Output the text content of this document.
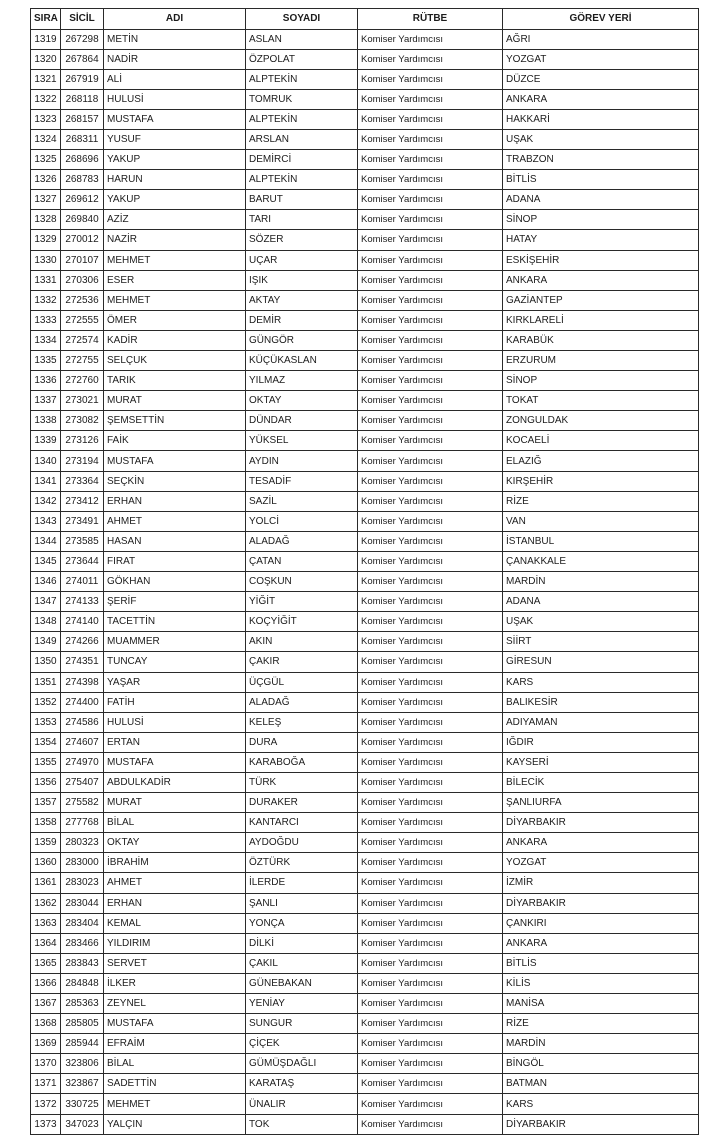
SIRA	SİCİL	ADI	SOYADI	RÜTBE	GÖREV YERİ
1319	267298	METİN	ASLAN	Komiser Yardımcısı	AĞRI
1320	267864	NADİR	ÖZPOLAT	Komiser Yardımcısı	YOZGAT
1321	267919	ALİ	ALPTEKİN	Komiser Yardımcısı	DÜZCE
1322	268118	HULUSİ	TOMRUK	Komiser Yardımcısı	ANKARA
1323	268157	MUSTAFA	ALPTEKİN	Komiser Yardımcısı	HAKKARİ
1324	268311	YUSUF	ARSLAN	Komiser Yardımcısı	UŞAK
1325	268696	YAKUP	DEMİRCİ	Komiser Yardımcısı	TRABZON
1326	268783	HARUN	ALPTEKİN	Komiser Yardımcısı	BİTLİS
1327	269612	YAKUP	BARUT	Komiser Yardımcısı	ADANA
1328	269840	AZİZ	TARI	Komiser Yardımcısı	SİNOP
1329	270012	NAZİR	SÖZER	Komiser Yardımcısı	HATAY
1330	270107	MEHMET	UÇAR	Komiser Yardımcısı	ESKİŞEHİR
1331	270306	ESER	IŞIK	Komiser Yardımcısı	ANKARA
1332	272536	MEHMET	AKTAY	Komiser Yardımcısı	GAZİANTEP
1333	272555	ÖMER	DEMİR	Komiser Yardımcısı	KIRKLARELİ
1334	272574	KADİR	GÜNGÖR	Komiser Yardımcısı	KARABÜK
1335	272755	SELÇUK	KÜÇÜKASLAN	Komiser Yardımcısı	ERZURUM
1336	272760	TARIK	YILMAZ	Komiser Yardımcısı	SİNOP
1337	273021	MURAT	OKTAY	Komiser Yardımcısı	TOKAT
1338	273082	ŞEMSETTİN	DÜNDAR	Komiser Yardımcısı	ZONGULDAK
1339	273126	FAİK	YÜKSEL	Komiser Yardımcısı	KOCAELİ
1340	273194	MUSTAFA	AYDIN	Komiser Yardımcısı	ELAZIĞ
1341	273364	SEÇKİN	TESADİF	Komiser Yardımcısı	KIRŞEHİR
1342	273412	ERHAN	SAZİL	Komiser Yardımcısı	RİZE
1343	273491	AHMET	YOLCİ	Komiser Yardımcısı	VAN
1344	273585	HASAN	ALADAĞ	Komiser Yardımcısı	İSTANBUL
1345	273644	FIRAT	ÇATAN	Komiser Yardımcısı	ÇANAKKALE
1346	274011	GÖKHAN	COŞKUN	Komiser Yardımcısı	MARDİN
1347	274133	ŞERİF	YİĞİT	Komiser Yardımcısı	ADANA
1348	274140	TACETTİN	KOÇYİĞİT	Komiser Yardımcısı	UŞAK
1349	274266	MUAMMER	AKIN	Komiser Yardımcısı	SİİRT
1350	274351	TUNCAY	ÇAKIR	Komiser Yardımcısı	GİRESUN
1351	274398	YAŞAR	ÜÇGÜL	Komiser Yardımcısı	KARS
1352	274400	FATİH	ALADAĞ	Komiser Yardımcısı	BALIKESİR
1353	274586	HULUSİ	KELEŞ	Komiser Yardımcısı	ADIYAMAN
1354	274607	ERTAN	DURA	Komiser Yardımcısı	IĞDIR
1355	274970	MUSTAFA	KARABOĞA	Komiser Yardımcısı	KAYSERİ
1356	275407	ABDULKADİR	TÜRK	Komiser Yardımcısı	BİLECİK
1357	275582	MURAT	DURAKER	Komiser Yardımcısı	ŞANLIURFA
1358	277768	BİLAL	KANTARCI	Komiser Yardımcısı	DİYARBAKIR
1359	280323	OKTAY	AYDOĞDU	Komiser Yardımcısı	ANKARA
1360	283000	İBRAHİM	ÖZTÜRK	Komiser Yardımcısı	YOZGAT
1361	283023	AHMET	İLERDE	Komiser Yardımcısı	İZMİR
1362	283044	ERHAN	ŞANLI	Komiser Yardımcısı	DİYARBAKIR
1363	283404	KEMAL	YONÇA	Komiser Yardımcısı	ÇANKIRI
1364	283466	YILDIRIM	DİLKİ	Komiser Yardımcısı	ANKARA
1365	283843	SERVET	ÇAKIL	Komiser Yardımcısı	BİTLİS
1366	284848	İLKER	GÜNEBAKAN	Komiser Yardımcısı	KİLİS
1367	285363	ZEYNEL	YENİAY	Komiser Yardımcısı	MANİSA
1368	285805	MUSTAFA	SUNGUR	Komiser Yardımcısı	RİZE
1369	285944	EFRAİM	ÇİÇEK	Komiser Yardımcısı	MARDİN
1370	323806	BİLAL	GÜMÜŞDAĞLI	Komiser Yardımcısı	BİNGÖL
1371	323867	SADETTİN	KARATAŞ	Komiser Yardımcısı	BATMAN
1372	330725	MEHMET	ÜNALIR	Komiser Yardımcısı	KARS
1373	347023	YALÇIN	TOK	Komiser Yardımcısı	DİYARBAKIR
